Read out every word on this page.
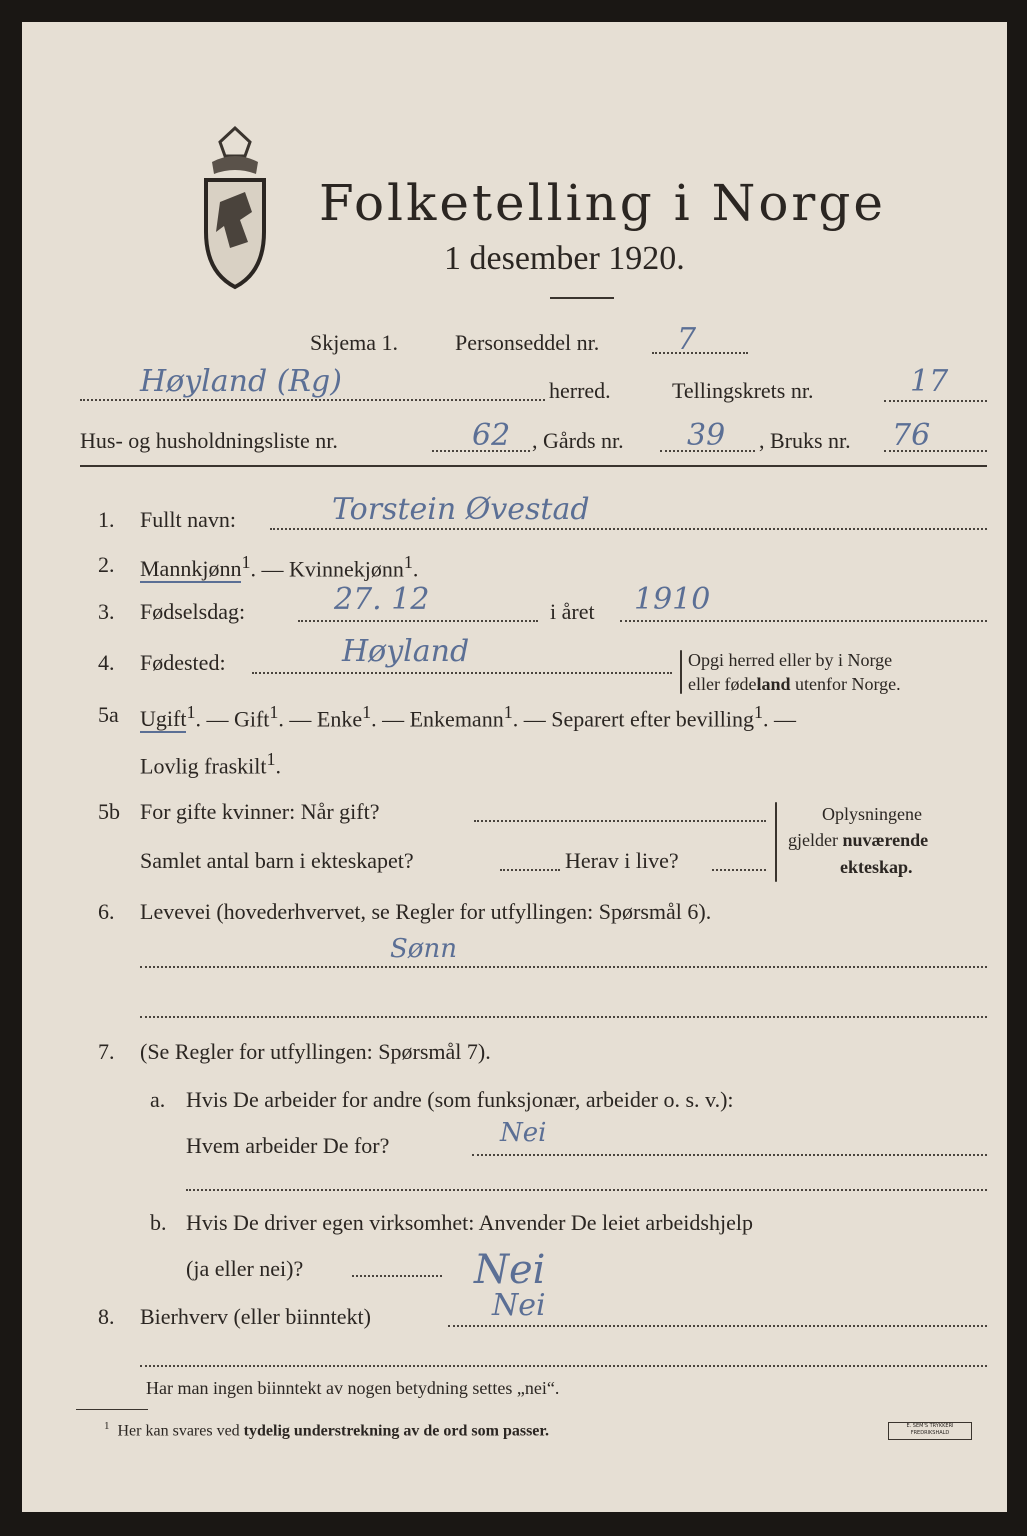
Folketelling i Norge
1 desember 1920.
Skjema 1.	Personseddel nr.	7
Høyland (Rg)	herred.	Tellingskrets nr.	17
Hus- og husholdningsliste nr.	62 , Gårds nr. 39 , Bruks nr. 76
1. Fullt navn:	Torstein Øvestad
2. Mannkjønn$^1$. — Kvinnekjønn$^1$.
3. Fødselsdag:	27. 12	i året 1910
4. Fødested:	Høyland	Opgi herred eller by i Norge
eller fødeland utenfor Norge.
5a Ugift$^1$. — Gift$^1$. — Enke$^1$. — Enkemann$^1$. — Separert efter bevilling$^1$. —
Lovlig fraskilt$^1$.
5b For gifte kvinner: Når gift?
Samlet antal barn i ekteskapet?	Herav i live?
Oplysningene
gjelder nuværende
ekteskap.
6. Levevei (hovederhvervet, se Regler for utfyllingen: Spørsmål 6).
Sønn
7. (Se Regler for utfyllingen: Spørsmål 7).
a. Hvis De arbeider for andre (som funksjonær, arbeider o. s. v.):
Hvem arbeider De for?	Nei
b. Hvis De driver egen virksomhet: Anvender De leiet arbeidshjelp
(ja eller nei)?	Nei
8. Bierhverv (eller biinntekt)	Nei
Har man ingen biinntekt av nogen betydning settes „nei“.
$^1$ Her kan svares ved tydelig understrekning av de ord som passer.	E. SEM'S TRYKKERI FREDRIKSHALD
